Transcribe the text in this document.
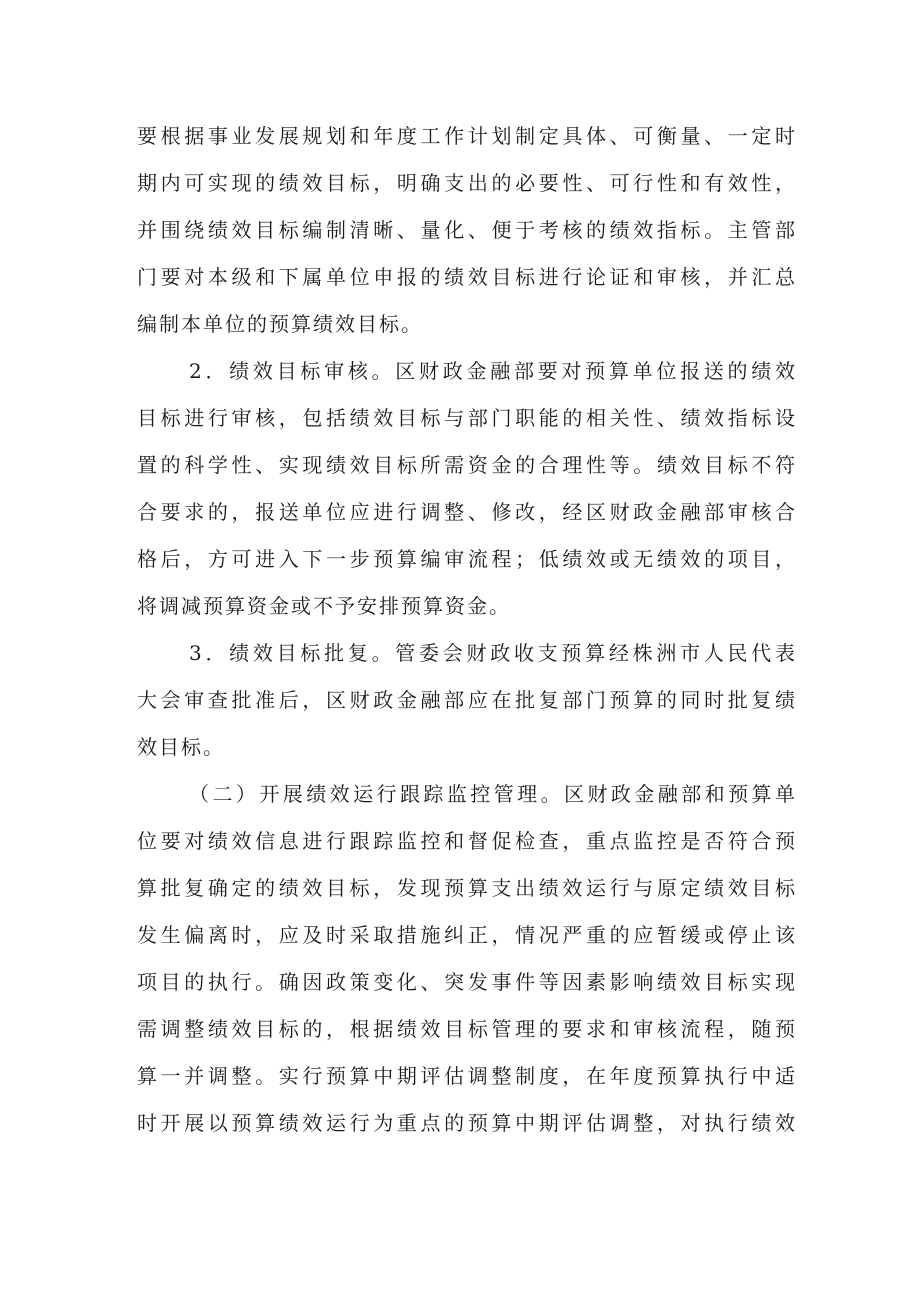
要根据事业发展规划和年度工作计划制定具体、可衡量、一定时
期内可实现的绩效目标，明确支出的必要性、可行性和有效性，
并围绕绩效目标编制清晰、量化、便于考核的绩效指标。主管部
门要对本级和下属单位申报的绩效目标进行论证和审核，并汇总
编制本单位的预算绩效目标。
2．绩效目标审核。区财政金融部要对预算单位报送的绩效
目标进行审核，包括绩效目标与部门职能的相关性、绩效指标设
置的科学性、实现绩效目标所需资金的合理性等。绩效目标不符
合要求的，报送单位应进行调整、修改，经区财政金融部审核合
格后，方可进入下一步预算编审流程；低绩效或无绩效的项目，
将调减预算资金或不予安排预算资金。
3．绩效目标批复。管委会财政收支预算经株洲市人民代表
大会审查批准后，区财政金融部应在批复部门预算的同时批复绩
效目标。
（二）开展绩效运行跟踪监控管理。区财政金融部和预算单
位要对绩效信息进行跟踪监控和督促检查，重点监控是否符合预
算批复确定的绩效目标，发现预算支出绩效运行与原定绩效目标
发生偏离时，应及时采取措施纠正，情况严重的应暂缓或停止该
项目的执行。确因政策变化、突发事件等因素影响绩效目标实现
需调整绩效目标的，根据绩效目标管理的要求和审核流程，随预
算一并调整。实行预算中期评估调整制度，在年度预算执行中适
时开展以预算绩效运行为重点的预算中期评估调整，对执行绩效
